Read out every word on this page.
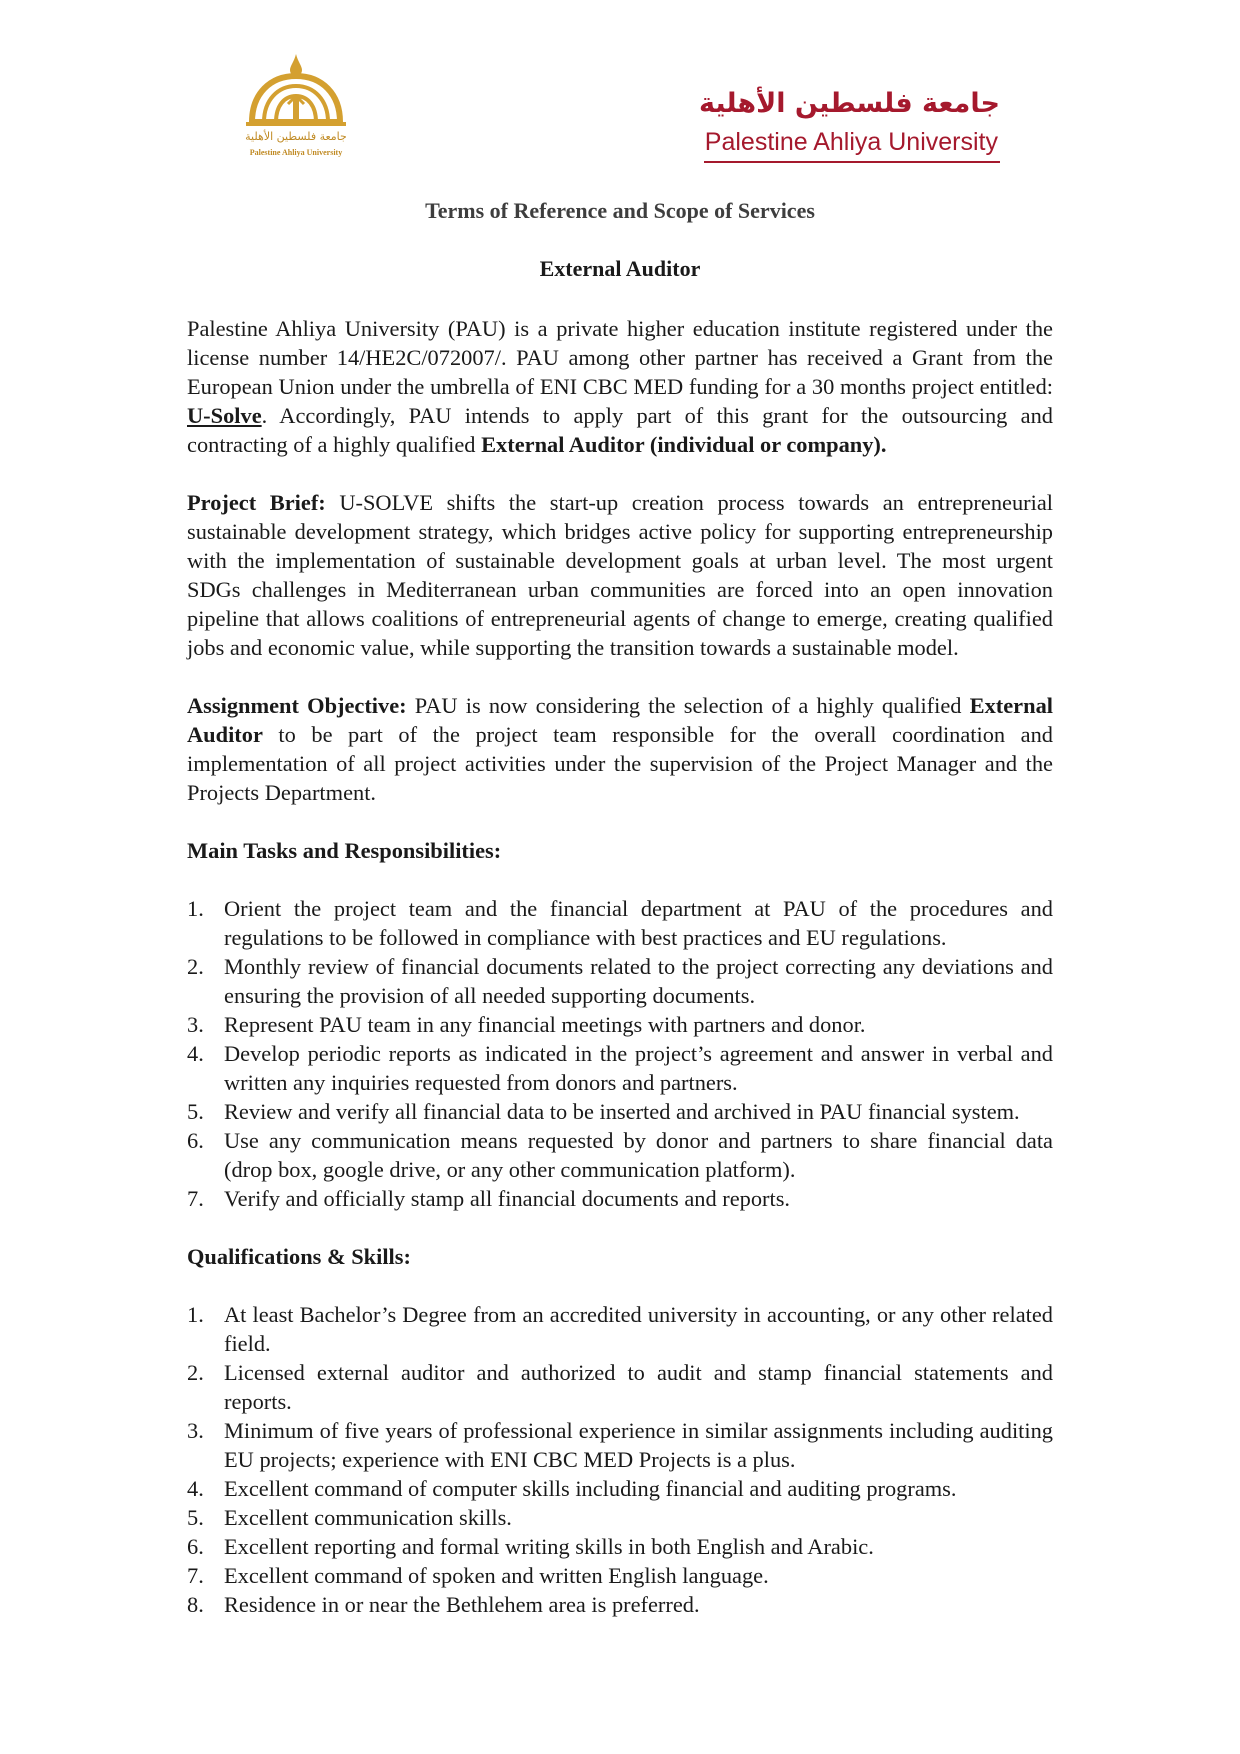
جامعة فلسطين الأهلية
Palestine Ahliya University
جامعة فلسطين الأهلية
Palestine Ahliya University
Terms of Reference and Scope of Services
External Auditor

Palestine Ahliya University (PAU) is a private higher education institute registered under the license number 14/HE2C/072007/. PAU among other partner has received a Grant from the European Union under the umbrella of ENI CBC MED funding for a 30 months project entitled: U-Solve. Accordingly, PAU intends to apply part of this grant for the outsourcing and contracting of a highly qualified External Auditor (individual or company).

Project Brief: U-SOLVE shifts the start-up creation process towards an entrepreneurial sustainable development strategy, which bridges active policy for supporting entrepreneurship with the implementation of sustainable development goals at urban level. The most urgent SDGs challenges in Mediterranean urban communities are forced into an open innovation pipeline that allows coalitions of entrepreneurial agents of change to emerge, creating qualified jobs and economic value, while supporting the transition towards a sustainable model.

Assignment Objective: PAU is now considering the selection of a highly qualified External Auditor to be part of the project team responsible for the overall coordination and implementation of all project activities under the supervision of the Project Manager and the Projects Department.

Main Tasks and Responsibilities:
1. Orient the project team and the financial department at PAU of the procedures and regulations to be followed in compliance with best practices and EU regulations.
2. Monthly review of financial documents related to the project correcting any deviations and ensuring the provision of all needed supporting documents.
3. Represent PAU team in any financial meetings with partners and donor.
4. Develop periodic reports as indicated in the project’s agreement and answer in verbal and written any inquiries requested from donors and partners.
5. Review and verify all financial data to be inserted and archived in PAU financial system.
6. Use any communication means requested by donor and partners to share financial data (drop box, google drive, or any other communication platform).
7. Verify and officially stamp all financial documents and reports.
Qualifications & Skills:
1. At least Bachelor’s Degree from an accredited university in accounting, or any other related field.
2. Licensed external auditor and authorized to audit and stamp financial statements and reports.
3. Minimum of five years of professional experience in similar assignments including auditing EU projects; experience with ENI CBC MED Projects is a plus.
4. Excellent command of computer skills including financial and auditing programs.
5. Excellent communication skills.
6. Excellent reporting and formal writing skills in both English and Arabic.
7. Excellent command of spoken and written English language.
8. Residence in or near the Bethlehem area is preferred.
